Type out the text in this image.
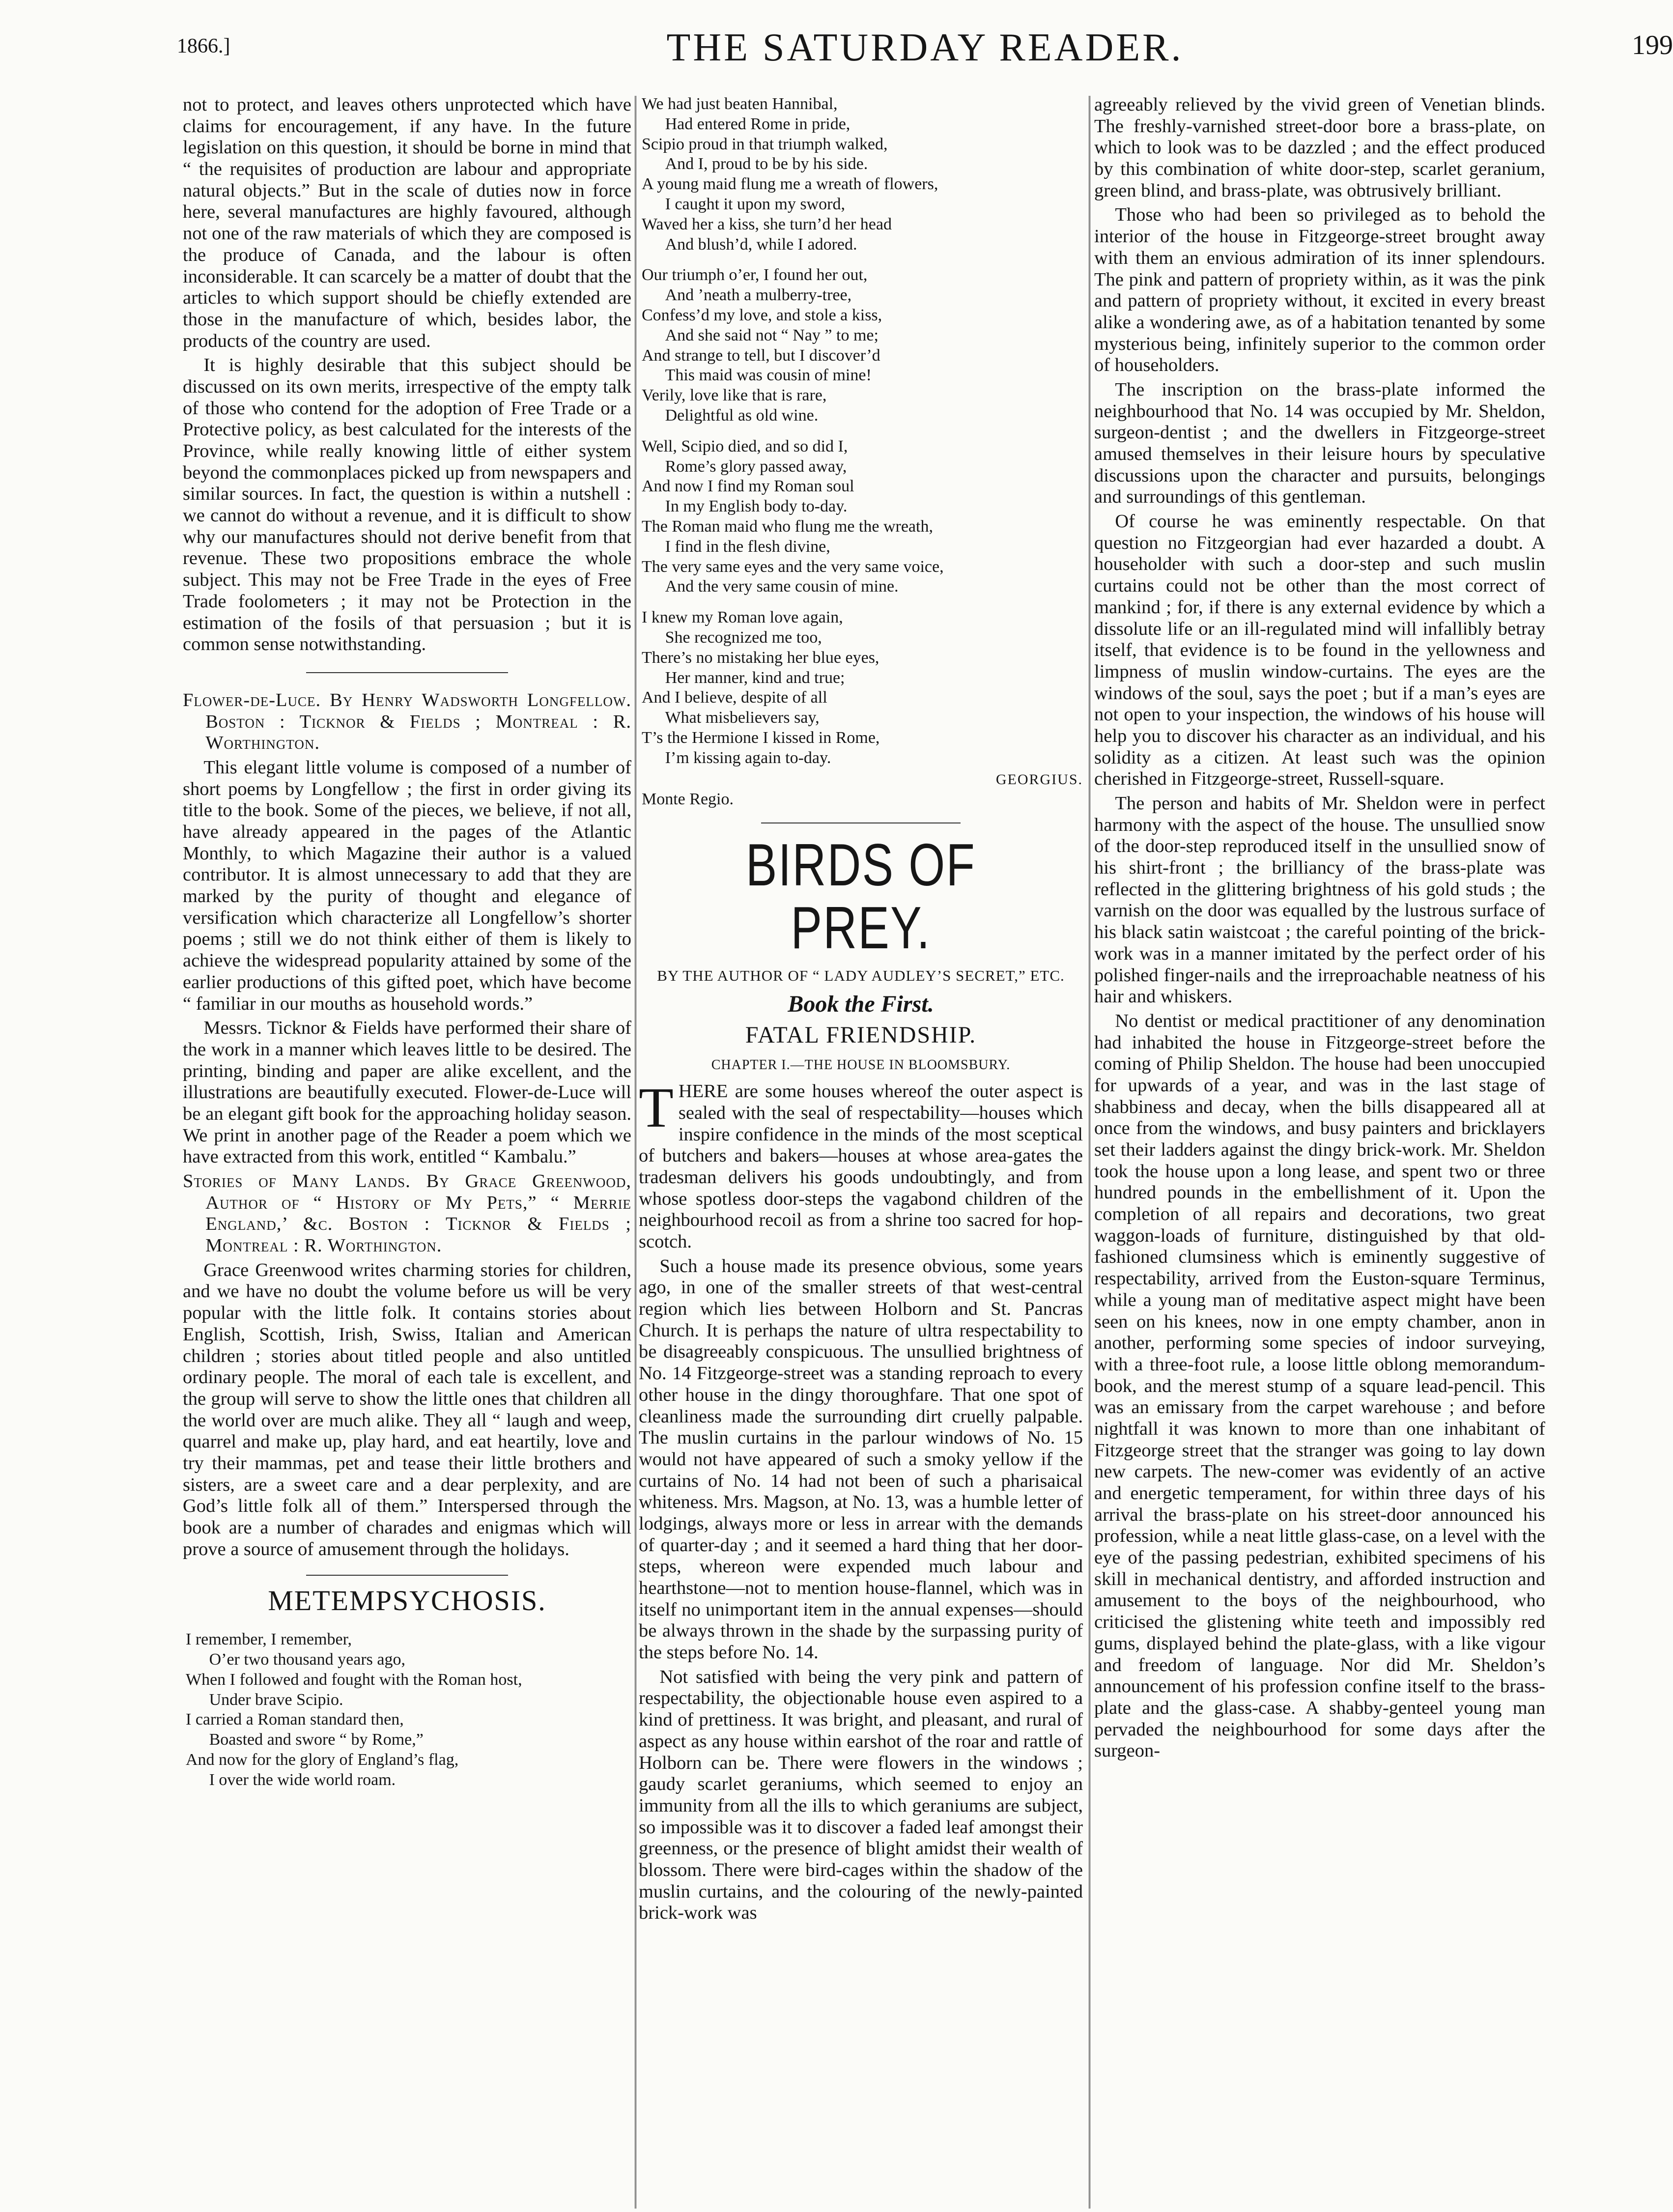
1866.]	THE SATURDAY READER.	199

not to protect, and leaves others unprotected which have claims for encouragement, if any have. In the future legislation on this question, it should be borne in mind that “ the requisites of production are labour and appropriate natural objects.” But in the scale of duties now in force here, several manufactures are highly favoured, although not one of the raw materials of which they are composed is the produce of Canada, and the labour is often inconsiderable. It can scarcely be a matter of doubt that the articles to which support should be chiefly extended are those in the manufacture of which, besides labor, the products of the country are used.

It is highly desirable that this subject should be discussed on its own merits, irrespective of the empty talk of those who contend for the adoption of Free Trade or a Protective policy, as best calculated for the interests of the Province, while really knowing little of either system beyond the commonplaces picked up from newspapers and similar sources. In fact, the question is within a nutshell : we cannot do without a revenue, and it is difficult to show why our manufactures should not derive benefit from that revenue. These two propositions embrace the whole subject. This may not be Free Trade in the eyes of Free Trade foolometers ; it may not be Protection in the estimation of the fosils of that persuasion ; but it is common sense notwithstanding.

Flower-de-Luce. By Henry Wadsworth Longfellow. Boston : Ticknor & Fields ; Montreal : R. Worthington.

This elegant little volume is composed of a number of short poems by Longfellow ; the first in order giving its title to the book. Some of the pieces, we believe, if not all, have already appeared in the pages of the Atlantic Monthly, to which Magazine their author is a valued contributor. It is almost unnecessary to add that they are marked by the purity of thought and elegance of versification which characterize all Longfellow’s shorter poems ; still we do not think either of them is likely to achieve the widespread popularity attained by some of the earlier productions of this gifted poet, which have become “ familiar in our mouths as household words.”

Messrs. Ticknor & Fields have performed their share of the work in a manner which leaves little to be desired. The printing, binding and paper are alike excellent, and the illustrations are beautifully executed. Flower-de-Luce will be an elegant gift book for the approaching holiday season. We print in another page of the Reader a poem which we have extracted from this work, entitled “ Kambalu.”

Stories of Many Lands. By Grace Greenwood, Author of “ History of My Pets,” “ Merrie England,’ &c. Boston : Ticknor & Fields ; Montreal : R. Worthington.

Grace Greenwood writes charming stories for children, and we have no doubt the volume before us will be very popular with the little folk. It contains stories about English, Scottish, Irish, Swiss, Italian and American children ; stories about titled people and also untitled ordinary people. The moral of each tale is excellent, and the group will serve to show the little ones that children all the world over are much alike. They all “ laugh and weep, quarrel and make up, play hard, and eat heartily, love and try their mammas, pet and tease their little brothers and sisters, are a sweet care and a dear perplexity, and are God’s little folk all of them.” Interspersed through the book are a number of charades and enigmas which will prove a source of amusement through the holidays.

METEMPSYCHOSIS.
I remember, I remember,
O’er two thousand years ago,
When I followed and fought with the Roman host,
Under brave Scipio.
I carried a Roman standard then,
Boasted and swore “ by Rome,”
And now for the glory of England’s flag,
I over the wide world roam.
We had just beaten Hannibal,
Had entered Rome in pride,
Scipio proud in that triumph walked,
And I, proud to be by his side.
A young maid flung me a wreath of flowers,
I caught it upon my sword,
Waved her a kiss, she turn’d her head
And blush’d, while I adored.
Our triumph o’er, I found her out,
And ’neath a mulberry-tree,
Confess’d my love, and stole a kiss,
And she said not “ Nay ” to me;
And strange to tell, but I discover’d
This maid was cousin of mine!
Verily, love like that is rare,
Delightful as old wine.
Well, Scipio died, and so did I,
Rome’s glory passed away,
And now I find my Roman soul
In my English body to-day.
The Roman maid who flung me the wreath,
I find in the flesh divine,
The very same eyes and the very same voice,
And the very same cousin of mine.
I knew my Roman love again,
She recognized me too,
There’s no mistaking her blue eyes,
Her manner, kind and true;
And I believe, despite of all
What misbelievers say,
T’s the Hermione I kissed in Rome,
I’m kissing again to-day.
GEORGIUS.
Monte Regio.
BIRDS OF PREY.
BY THE AUTHOR OF “ LADY AUDLEY’S SECRET,” ETC.
Book the First.
FATAL FRIENDSHIP.
CHAPTER I.—THE HOUSE IN BLOOMSBURY.

THERE are some houses whereof the outer aspect is sealed with the seal of respectability—houses which inspire confidence in the minds of the most sceptical of butchers and bakers—houses at whose area-gates the tradesman delivers his goods undoubtingly, and from whose spotless door-steps the vagabond children of the neighbourhood recoil as from a shrine too sacred for hop-scotch.

Such a house made its presence obvious, some years ago, in one of the smaller streets of that west-central region which lies between Holborn and St. Pancras Church. It is perhaps the nature of ultra respectability to be disagreeably conspicuous. The unsullied brightness of No. 14 Fitzgeorge-street was a standing reproach to every other house in the dingy thoroughfare. That one spot of cleanliness made the surrounding dirt cruelly palpable. The muslin curtains in the parlour windows of No. 15 would not have appeared of such a smoky yellow if the curtains of No. 14 had not been of such a pharisaical whiteness. Mrs. Magson, at No. 13, was a humble letter of lodgings, always more or less in arrear with the demands of quarter-day ; and it seemed a hard thing that her door-steps, whereon were expended much labour and hearthstone—not to mention house-flannel, which was in itself no unimportant item in the annual expenses—should be always thrown in the shade by the surpassing purity of the steps before No. 14.

Not satisfied with being the very pink and pattern of respectability, the objectionable house even aspired to a kind of prettiness. It was bright, and pleasant, and rural of aspect as any house within earshot of the roar and rattle of Holborn can be. There were flowers in the windows ; gaudy scarlet geraniums, which seemed to enjoy an immunity from all the ills to which geraniums are subject, so impossible was it to discover a faded leaf amongst their greenness, or the presence of blight amidst their wealth of blossom. There were bird-cages within the shadow of the muslin curtains, and the colouring of the newly-painted brick-work was

agreeably relieved by the vivid green of Venetian blinds. The freshly-varnished street-door bore a brass-plate, on which to look was to be dazzled ; and the effect produced by this combination of white door-step, scarlet geranium, green blind, and brass-plate, was obtrusively brilliant.

Those who had been so privileged as to behold the interior of the house in Fitzgeorge-street brought away with them an envious admiration of its inner splendours. The pink and pattern of propriety within, as it was the pink and pattern of propriety without, it excited in every breast alike a wondering awe, as of a habitation tenanted by some mysterious being, infinitely superior to the common order of householders.

The inscription on the brass-plate informed the neighbourhood that No. 14 was occupied by Mr. Sheldon, surgeon-dentist ; and the dwellers in Fitzgeorge-street amused themselves in their leisure hours by speculative discussions upon the character and pursuits, belongings and surroundings of this gentleman.

Of course he was eminently respectable. On that question no Fitzgeorgian had ever hazarded a doubt. A householder with such a door-step and such muslin curtains could not be other than the most correct of mankind ; for, if there is any external evidence by which a dissolute life or an ill-regulated mind will infallibly betray itself, that evidence is to be found in the yellowness and limpness of muslin window-curtains. The eyes are the windows of the soul, says the poet ; but if a man’s eyes are not open to your inspection, the windows of his house will help you to discover his character as an individual, and his solidity as a citizen. At least such was the opinion cherished in Fitzgeorge-street, Russell-square.

The person and habits of Mr. Sheldon were in perfect harmony with the aspect of the house. The unsullied snow of the door-step reproduced itself in the unsullied snow of his shirt-front ; the brilliancy of the brass-plate was reflected in the glittering brightness of his gold studs ; the varnish on the door was equalled by the lustrous surface of his black satin waistcoat ; the careful pointing of the brick-work was in a manner imitated by the perfect order of his polished finger-nails and the irreproachable neatness of his hair and whiskers.

No dentist or medical practitioner of any denomination had inhabited the house in Fitzgeorge-street before the coming of Philip Sheldon. The house had been unoccupied for upwards of a year, and was in the last stage of shabbiness and decay, when the bills disappeared all at once from the windows, and busy painters and bricklayers set their ladders against the dingy brick-work. Mr. Sheldon took the house upon a long lease, and spent two or three hundred pounds in the embellishment of it. Upon the completion of all repairs and decorations, two great waggon-loads of furniture, distinguished by that old-fashioned clumsiness which is eminently suggestive of respectability, arrived from the Euston-square Terminus, while a young man of meditative aspect might have been seen on his knees, now in one empty chamber, anon in another, performing some species of indoor surveying, with a three-foot rule, a loose little oblong memorandum-book, and the merest stump of a square lead-pencil. This was an emissary from the carpet warehouse ; and before nightfall it was known to more than one inhabitant of Fitzgeorge street that the stranger was going to lay down new carpets. The new-comer was evidently of an active and energetic temperament, for within three days of his arrival the brass-plate on his street-door announced his profession, while a neat little glass-case, on a level with the eye of the passing pedestrian, exhibited specimens of his skill in mechanical dentistry, and afforded instruction and amusement to the boys of the neighbourhood, who criticised the glistening white teeth and impossibly red gums, displayed behind the plate-glass, with a like vigour and freedom of language. Nor did Mr. Sheldon’s announcement of his profession confine itself to the brass-plate and the glass-case. A shabby-genteel young man pervaded the neighbourhood for some days after the surgeon-
